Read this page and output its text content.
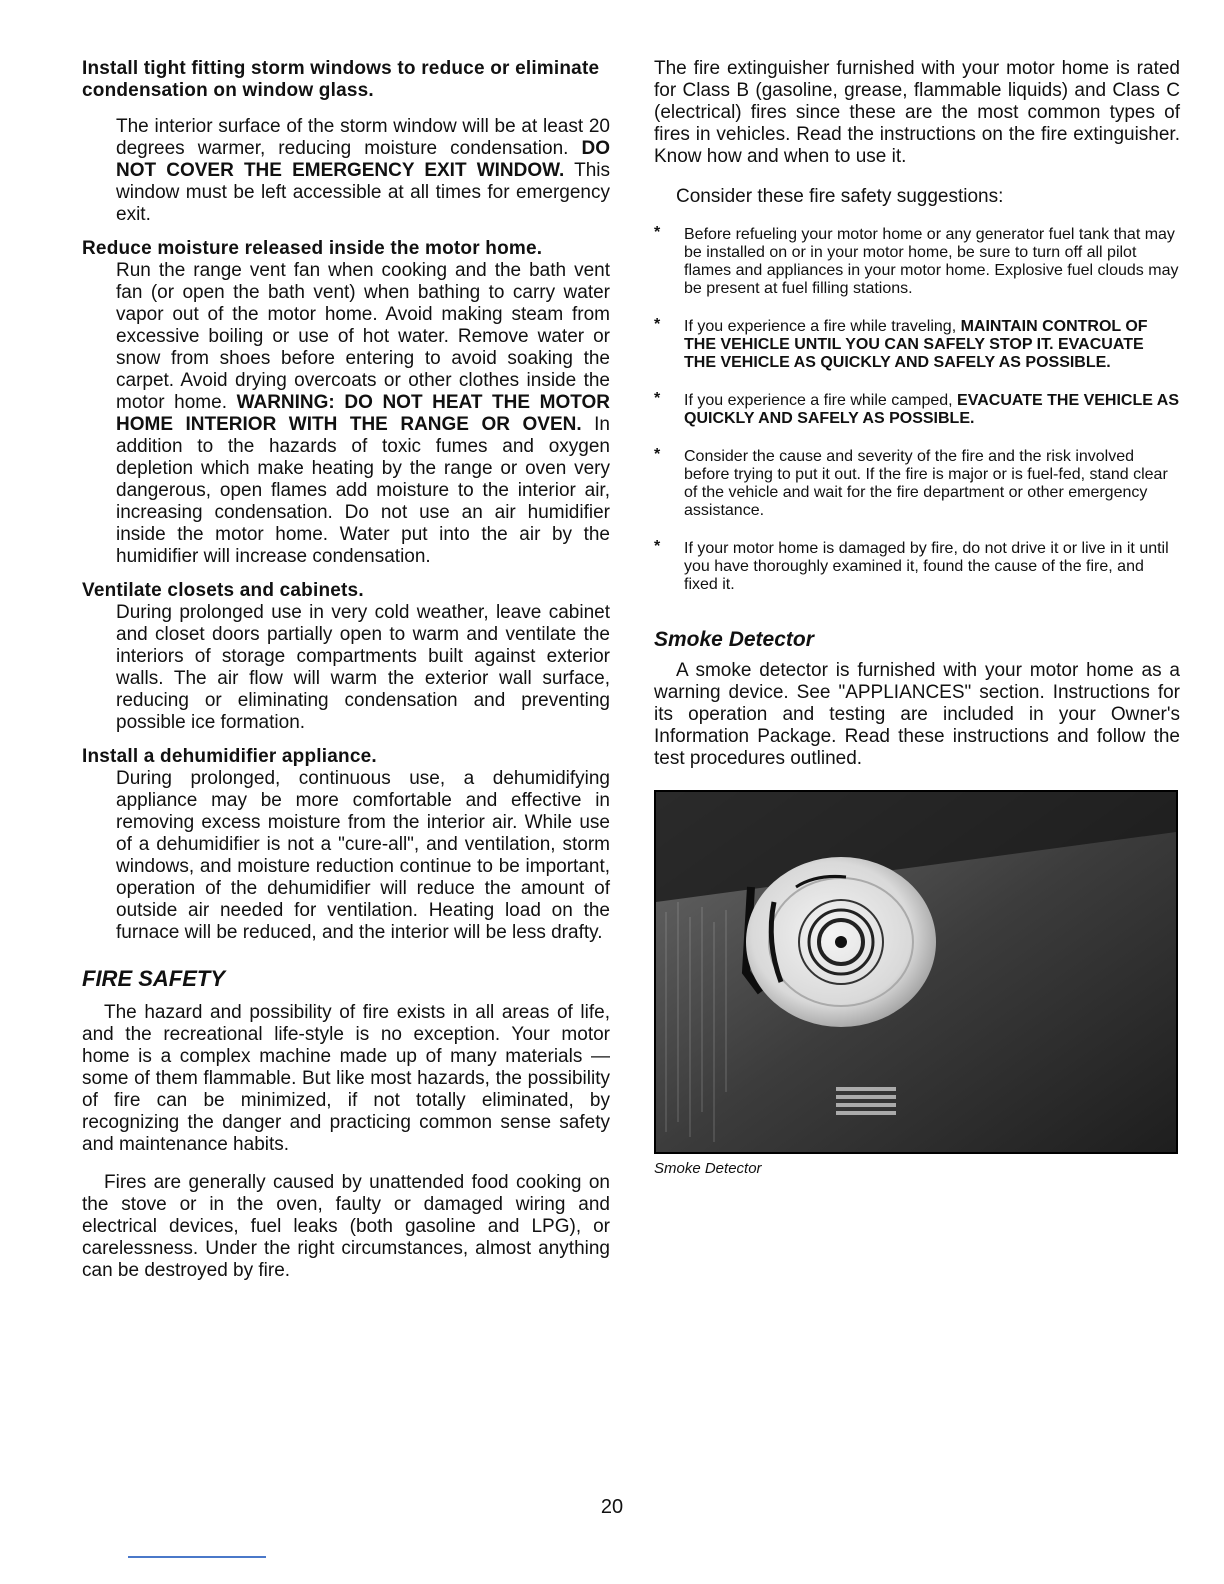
Install tight fitting storm windows to reduce or eliminate condensation on window glass.

The interior surface of the storm window will be at least 20 degrees warmer, reducing moisture condensation. DO NOT COVER THE EMERGENCY EXIT WINDOW. This window must be left accessible at all times for emergency exit.

Reduce moisture released inside the motor home.

Run the range vent fan when cooking and the bath vent fan (or open the bath vent) when bathing to carry water vapor out of the motor home. Avoid making steam from excessive boiling or use of hot water. Remove water or snow from shoes before entering to avoid soaking the carpet. Avoid drying overcoats or other clothes inside the motor home. WARNING: DO NOT HEAT THE MOTOR HOME INTERIOR WITH THE RANGE OR OVEN. In addition to the hazards of toxic fumes and oxygen depletion which make heating by the range or oven very dangerous, open flames add moisture to the interior air, increasing condensation. Do not use an air humidifier inside the motor home. Water put into the air by the humidifier will increase condensation.

Ventilate closets and cabinets.

During prolonged use in very cold weather, leave cabinet and closet doors partially open to warm and ventilate the interiors of storage compartments built against exterior walls. The air flow will warm the exterior wall surface, reducing or eliminating condensation and preventing possible ice formation.

Install a dehumidifier appliance.

During prolonged, continuous use, a dehumidifying appliance may be more comfortable and effective in removing excess moisture from the interior air. While use of a dehumidifier is not a "cure-all", and ventilation, storm windows, and moisture reduction continue to be important, operation of the dehumidifier will reduce the amount of outside air needed for ventilation. Heating load on the furnace will be reduced, and the interior will be less drafty.

FIRE SAFETY

The hazard and possibility of fire exists in all areas of life, and the recreational life-style is no exception. Your motor home is a complex machine made up of many materials — some of them flammable. But like most hazards, the possibility of fire can be minimized, if not totally eliminated, by recognizing the danger and practicing common sense safety and maintenance habits.

Fires are generally caused by unattended food cooking on the stove or in the oven, faulty or damaged wiring and electrical devices, fuel leaks (both gasoline and LPG), or carelessness. Under the right circumstances, almost anything can be destroyed by fire.

The fire extinguisher furnished with your motor home is rated for Class B (gasoline, grease, flammable liquids) and Class C (electrical) fires since these are the most common types of fires in vehicles. Read the instructions on the fire extinguisher. Know how and when to use it.

Consider these fire safety suggestions:

* Before refueling your motor home or any generator fuel tank that may be installed on or in your motor home, be sure to turn off all pilot flames and appliances in your motor home. Explosive fuel clouds may be present at fuel filling stations.
* If you experience a fire while traveling, MAINTAIN CONTROL OF THE VEHICLE UNTIL YOU CAN SAFELY STOP IT. EVACUATE THE VEHICLE AS QUICKLY AND SAFELY AS POSSIBLE.
* If you experience a fire while camped, EVACUATE THE VEHICLE AS QUICKLY AND SAFELY AS POSSIBLE.
* Consider the cause and severity of the fire and the risk involved before trying to put it out. If the fire is major or is fuel-fed, stand clear of the vehicle and wait for the fire department or other emergency assistance.
* If your motor home is damaged by fire, do not drive it or live in it until you have thoroughly examined it, found the cause of the fire, and fixed it.
Smoke Detector

A smoke detector is furnished with your motor home as a warning device. See "APPLIANCES" section. Instructions for its operation and testing are included in your Owner's Information Package. Read these instructions and follow the test procedures outlined.

Smoke Detector
20
